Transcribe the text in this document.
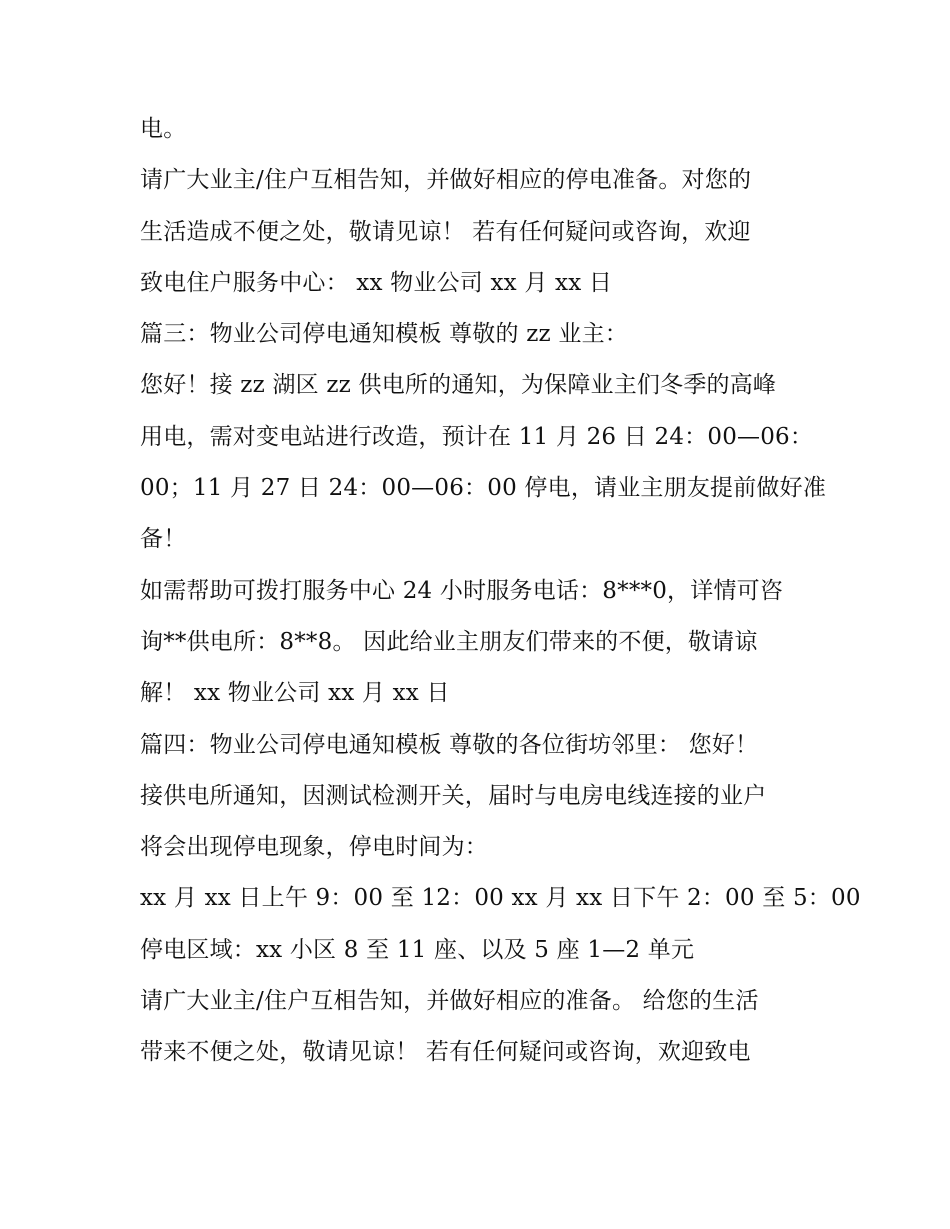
电。

请广大业主/住户互相告知，并做好相应的停电准备。对您的

生活造成不便之处，敬请见谅！ 若有任何疑问或咨询，欢迎

致电住户服务中心： xx 物业公司 xx 月 xx 日

篇三：物业公司停电通知模板 尊敬的 zz 业主：

您好！接 zz 湖区 zz 供电所的通知，为保障业主们冬季的高峰

用电，需对变电站进行改造，预计在 11 月 26 日 24：00—06：

00；11 月 27 日 24：00—06：00 停电，请业主朋友提前做好准

备！

如需帮助可拨打服务中心 24 小时服务电话：8***0，详情可咨

询**供电所：8**8。 因此给业主朋友们带来的不便，敬请谅

解！ xx 物业公司 xx 月 xx 日

篇四：物业公司停电通知模板 尊敬的各位街坊邻里： 您好！

接供电所通知，因测试检测开关，届时与电房电线连接的业户

将会出现停电现象，停电时间为：

xx 月 xx 日上午 9：00 至 12：00 xx 月 xx 日下午 2：00 至 5：00

停电区域：xx 小区 8 至 11 座、以及 5 座 1—2 单元

请广大业主/住户互相告知，并做好相应的准备。 给您的生活

带来不便之处，敬请见谅！ 若有任何疑问或咨询，欢迎致电
